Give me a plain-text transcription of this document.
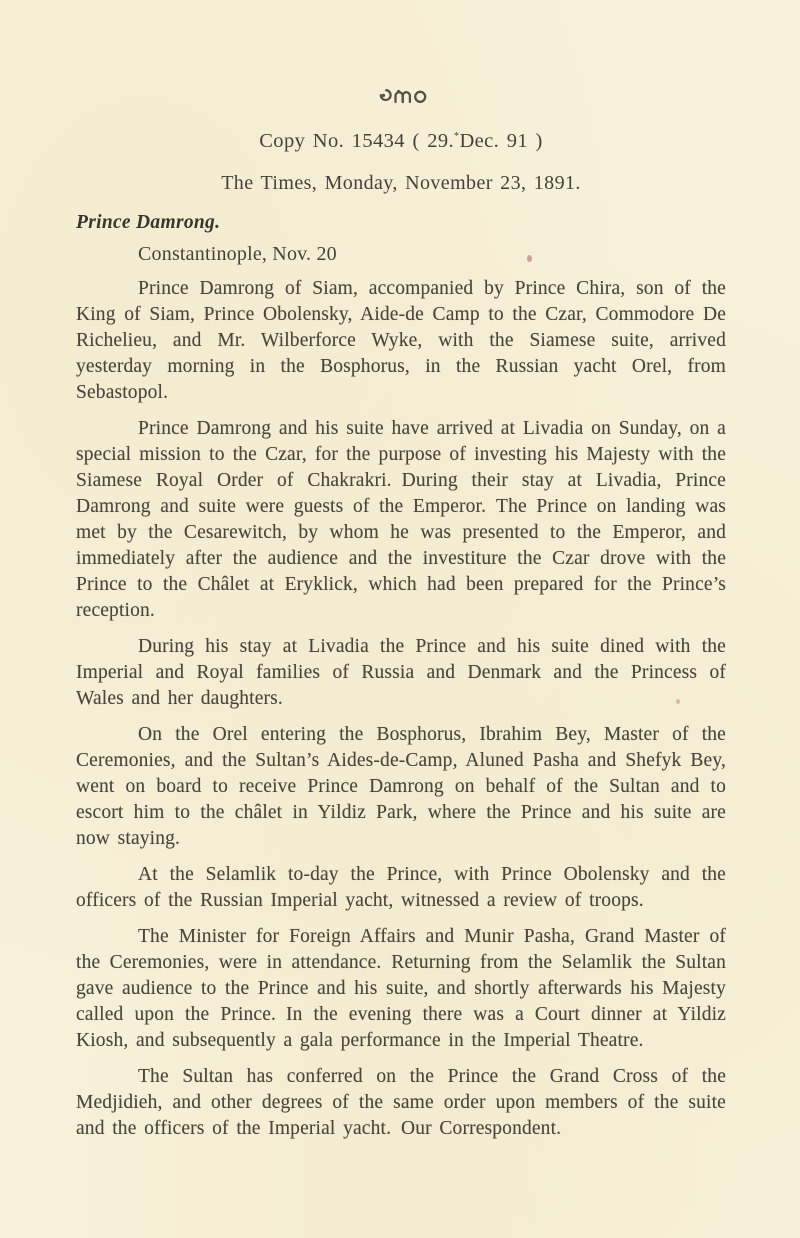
Copy No. 15434 ( 29.*Dec. 91 )
The Times, Monday, November 23, 1891.
Prince Damrong.
Constantinople, Nov. 20

Prince Damrong of Siam, accompanied by Prince Chira, son of the King of Siam, Prince Obolensky, Aide-de Camp to the Czar, Commodore De Richelieu, and Mr. Wilberforce Wyke, with the Siamese suite, arrived yesterday morning in the Bosphorus, in the Russian yacht Orel, from Sebastopol.

Prince Damrong and his suite have arrived at Livadia on Sunday, on a special mission to the Czar, for the purpose of investing his Majesty with the Siamese Royal Order of Chakrakri. During their stay at Livadia, Prince Damrong and suite were guests of the Emperor. The Prince on landing was met by the Cesarewitch, by whom he was presented to the Emperor, and immediately after the audience and the investiture the Czar drove with the Prince to the Châlet at Eryklick, which had been prepared for the Prince’s reception.

During his stay at Livadia the Prince and his suite dined with the Imperial and Royal families of Russia and Denmark and the Princess of Wales and her daughters.

On the Orel entering the Bosphorus, Ibrahim Bey, Master of the Ceremonies, and the Sultan’s Aides-de-Camp, Aluned Pasha and Shefyk Bey, went on board to receive Prince Damrong on behalf of the Sultan and to escort him to the châlet in Yildiz Park, where the Prince and his suite are now staying.

At the Selamlik to-day the Prince, with Prince Obolensky and the officers of the Russian Imperial yacht, witnessed a review of troops.

The Minister for Foreign Affairs and Munir Pasha, Grand Master of the Ceremonies, were in attendance. Returning from the Selamlik the Sultan gave audience to the Prince and his suite, and shortly afterwards his Majesty called upon the Prince. In the evening there was a Court dinner at Yildiz Kiosh, and subsequently a gala performance in the Imperial Theatre.

The Sultan has conferred on the Prince the Grand Cross of the Medjidieh, and other degrees of the same order upon members of the suite and the officers of the Imperial yacht. Our Correspondent.
